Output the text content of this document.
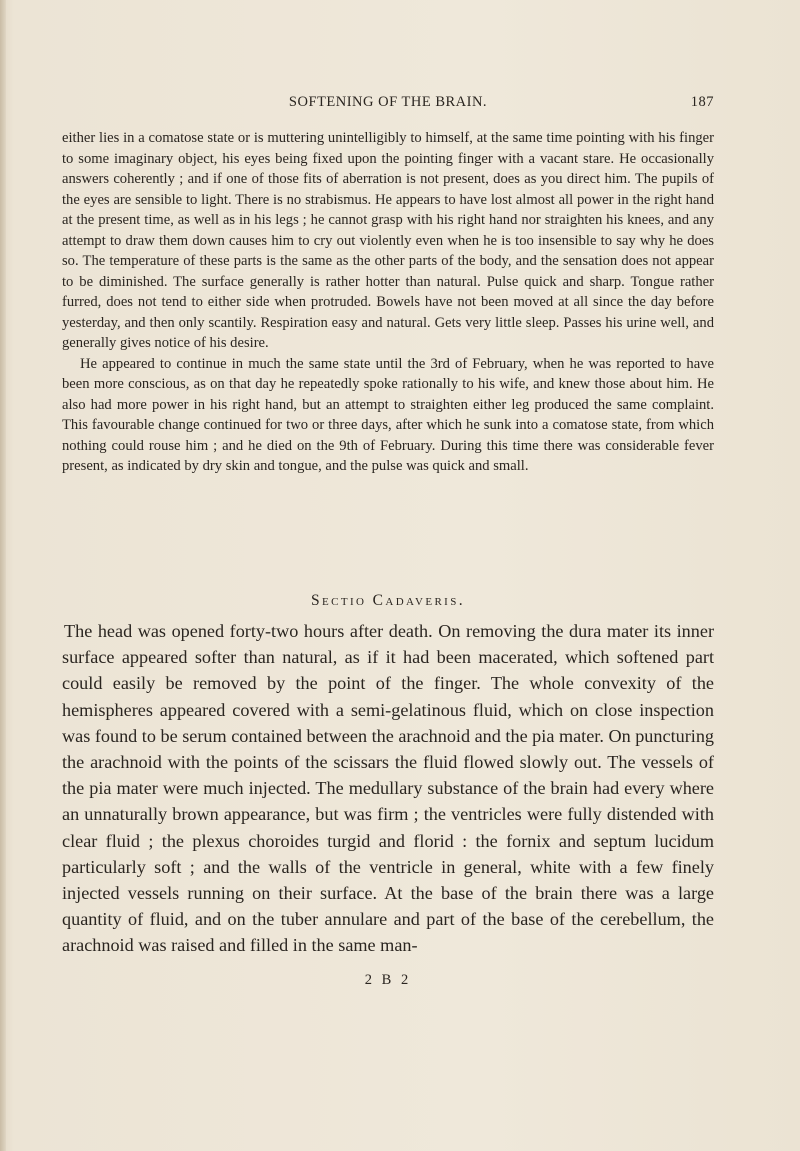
SOFTENING OF THE BRAIN.	187

either lies in a comatose state or is muttering unintelligibly to himself, at the same time pointing with his finger to some imaginary object, his eyes being fixed upon the pointing finger with a vacant stare. He occasionally answers coherently ; and if one of those fits of aberration is not present, does as you direct him. The pupils of the eyes are sensible to light. There is no strabismus. He appears to have lost almost all power in the right hand at the present time, as well as in his legs ; he cannot grasp with his right hand nor straighten his knees, and any attempt to draw them down causes him to cry out violently even when he is too insensible to say why he does so. The temperature of these parts is the same as the other parts of the body, and the sensation does not appear to be diminished. The surface generally is rather hotter than natural. Pulse quick and sharp. Tongue rather furred, does not tend to either side when protruded. Bowels have not been moved at all since the day before yesterday, and then only scantily. Respiration easy and natural. Gets very little sleep. Passes his urine well, and generally gives notice of his desire.

He appeared to continue in much the same state until the 3rd of February, when he was reported to have been more conscious, as on that day he repeatedly spoke rationally to his wife, and knew those about him. He also had more power in his right hand, but an attempt to straighten either leg produced the same complaint. This favourable change continued for two or three days, after which he sunk into a comatose state, from which nothing could rouse him ; and he died on the 9th of February. During this time there was considerable fever present, as indicated by dry skin and tongue, and the pulse was quick and small.

Sectio Cadaveris.

The head was opened forty-two hours after death. On removing the dura mater its inner surface appeared softer than natural, as if it had been macerated, which softened part could easily be removed by the point of the finger. The whole convexity of the hemispheres appeared covered with a semi-gelatinous fluid, which on close inspection was found to be serum contained between the arachnoid and the pia mater. On puncturing the arachnoid with the points of the scissars the fluid flowed slowly out. The vessels of the pia mater were much injected. The medullary substance of the brain had every where an unnaturally brown appearance, but was firm ; the ventricles were fully distended with clear fluid ; the plexus choroides turgid and florid : the fornix and septum lucidum particularly soft ; and the walls of the ventricle in general, white with a few finely injected vessels running on their surface. At the base of the brain there was a large quantity of fluid, and on the tuber annulare and part of the base of the cerebellum, the arachnoid was raised and filled in the same man-

2 B 2
